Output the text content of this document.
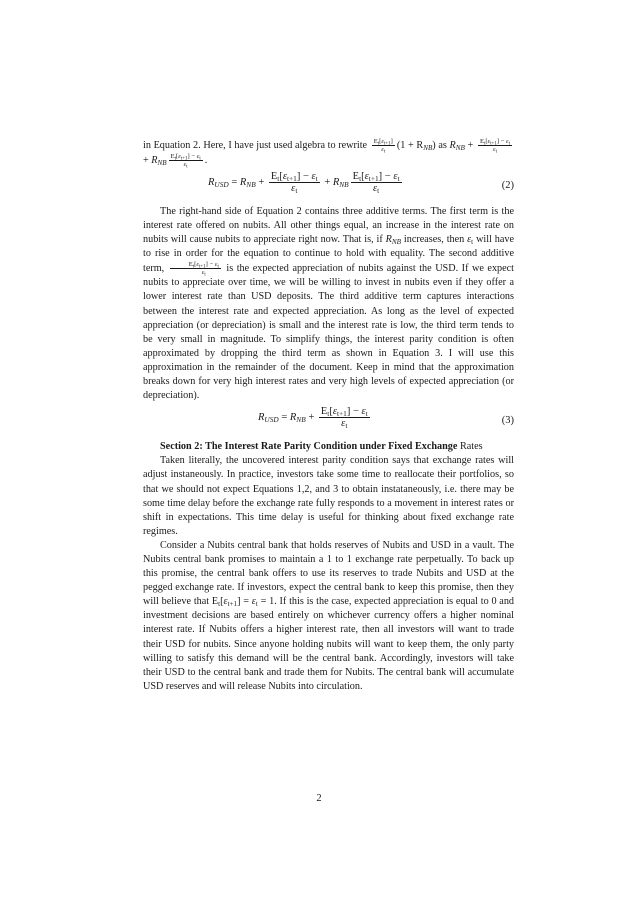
in Equation 2. Here, I have just used algebra to rewrite $\frac{E_t[\varepsilon_{t+1}]}{\varepsilon_t} (1 + R_{NB})$ as $R_{NB} + \frac{E_t[\varepsilon_{t+1}] - \varepsilon_t}{\varepsilon_t}$
+ $R_{NB} \frac{E_t[\varepsilon_{t+1}] - \varepsilon_t}{\varepsilon_t}$ .

$R_{USD} = R_{NB} + \frac{E_t[\varepsilon_{t+1}] - \varepsilon_t}{\varepsilon_t} + R_{NB} \frac{E_t[\varepsilon_{t+1}] - \varepsilon_t}{\varepsilon_t}$	(2)

The right-hand side of Equation 2 contains three additive terms. The first term is the interest rate offered on nubits. All other things equal, an increase in the interest rate on nubits will cause nubits to appreciate right now. That is, if $R_{NB}$ increases, then $\varepsilon_t$ will have to rise in order for the equation to continue to hold with equality. The second additive term, $\frac{E_t[\varepsilon_{t+1}] - \varepsilon_t}{\varepsilon_t}$ is the expected appreciation of nubits against the USD. If we expect nubits to appreciate over time, we will be willing to invest in nubits even if they offer a lower interest rate than USD deposits. The third additive term captures interactions between the interest rate and expected appreciation. As long as the level of expected appreciation (or depreciation) is small and the interest rate is low, the third term tends to be very small in magnitude. To simplify things, the interest parity condition is often approximated by dropping the third term as shown in Equation 3. I will use this approximation in the remainder of the document. Keep in mind that the approximation breaks down for very high interest rates and very high levels of expected appreciation (or depreciation).

$R_{USD} = R_{NB} + \frac{E_t[\varepsilon_{t+1}] - \varepsilon_t}{\varepsilon_t}$	(3)

Section 2: The Interest Rate Parity Condition under Fixed Exchange Rates

Taken literally, the uncovered interest parity condition says that exchange rates will adjust instaneously. In practice, investors take some time to reallocate their portfolios, so that we should not expect Equations 1,2, and 3 to obtain instataneously, i.e. there may be some time delay before the exchange rate fully responds to a movement in interest rates or shift in expectations. This time delay is useful for thinking about fixed exchange rate regimes.

Consider a Nubits central bank that holds reserves of Nubits and USD in a vault. The Nubits central bank promises to maintain a 1 to 1 exchange rate perpetually. To back up this promise, the central bank offers to use its reserves to trade Nubits and USD at the pegged exchange rate. If investors, expect the central bank to keep this promise, then they will believe that $E_t[\varepsilon_{t+1}] = \varepsilon_t = 1$. If this is the case, expected appreciation is equal to 0 and investment decisions are based entirely on whichever currency offers a higher nominal interest rate. If Nubits offers a higher interest rate, then all investors will want to trade their USD for nubits. Since anyone holding nubits will want to keep them, the only party willing to satisfy this demand will be the central bank. Accordingly, investors will take their USD to the central bank and trade them for Nubits. The central bank will accumulate USD reserves and will release Nubits into circulation.

2
